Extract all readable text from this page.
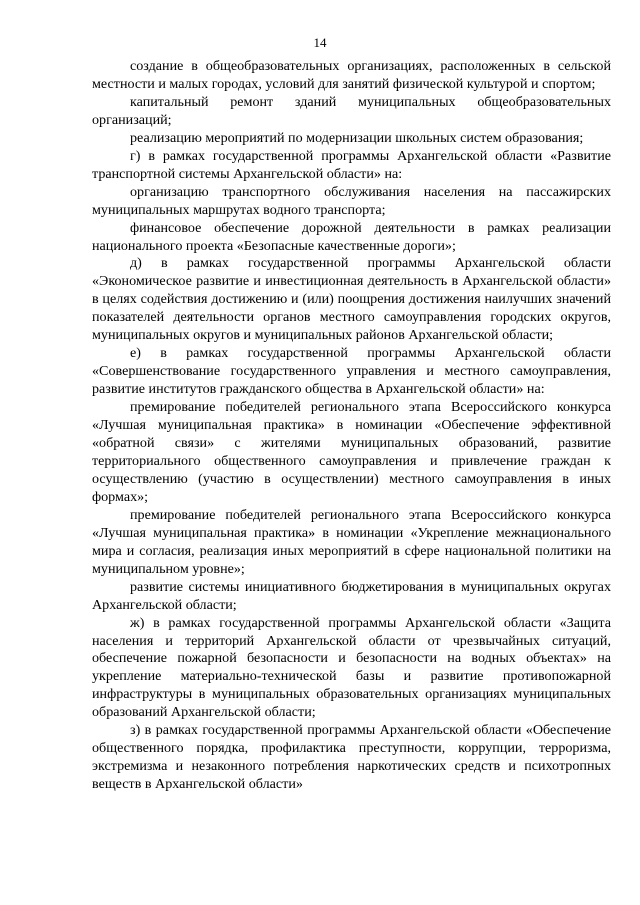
14

создание в общеобразовательных организациях, расположенных в сельской местности и малых городах, условий для занятий физической культурой и спортом;

капитальный ремонт зданий муниципальных общеобразовательных организаций;

реализацию мероприятий по модернизации школьных систем образования;

г) в рамках государственной программы Архангельской области «Развитие транспортной системы Архангельской области» на:

организацию транспортного обслуживания населения на пассажирских муниципальных маршрутах водного транспорта;

финансовое обеспечение дорожной деятельности в рамках реализации национального проекта «Безопасные качественные дороги»;

д) в рамках государственной программы Архангельской области «Экономическое развитие и инвестиционная деятельность в Архангельской области» в целях содействия достижению и (или) поощрения достижения наилучших значений показателей деятельности органов местного самоуправления городских округов, муниципальных округов и муниципальных районов Архангельской области;

е) в рамках государственной программы Архангельской области «Совершенствование государственного управления и местного самоуправления, развитие институтов гражданского общества в Архангельской области» на:

премирование победителей регионального этапа Всероссийского конкурса «Лучшая муниципальная практика» в номинации «Обеспечение эффективной «обратной связи» с жителями муниципальных образований, развитие территориального общественного самоуправления и привлечение граждан к осуществлению (участию в осуществлении) местного самоуправления в иных формах»;

премирование победителей регионального этапа Всероссийского конкурса «Лучшая муниципальная практика» в номинации «Укрепление межнационального мира и согласия, реализация иных мероприятий в сфере национальной политики на муниципальном уровне»;

развитие системы инициативного бюджетирования в муниципальных округах Архангельской области;

ж) в рамках государственной программы Архангельской области «Защита населения и территорий Архангельской области от чрезвычайных ситуаций, обеспечение пожарной безопасности и безопасности на водных объектах» на укрепление материально-технической базы и развитие противопожарной инфраструктуры в муниципальных образовательных организациях муниципальных образований Архангельской области;

з) в рамках государственной программы Архангельской области «Обеспечение общественного порядка, профилактика преступности, коррупции, терроризма, экстремизма и незаконного потребления наркотических средств и психотропных веществ в Архангельской области»
